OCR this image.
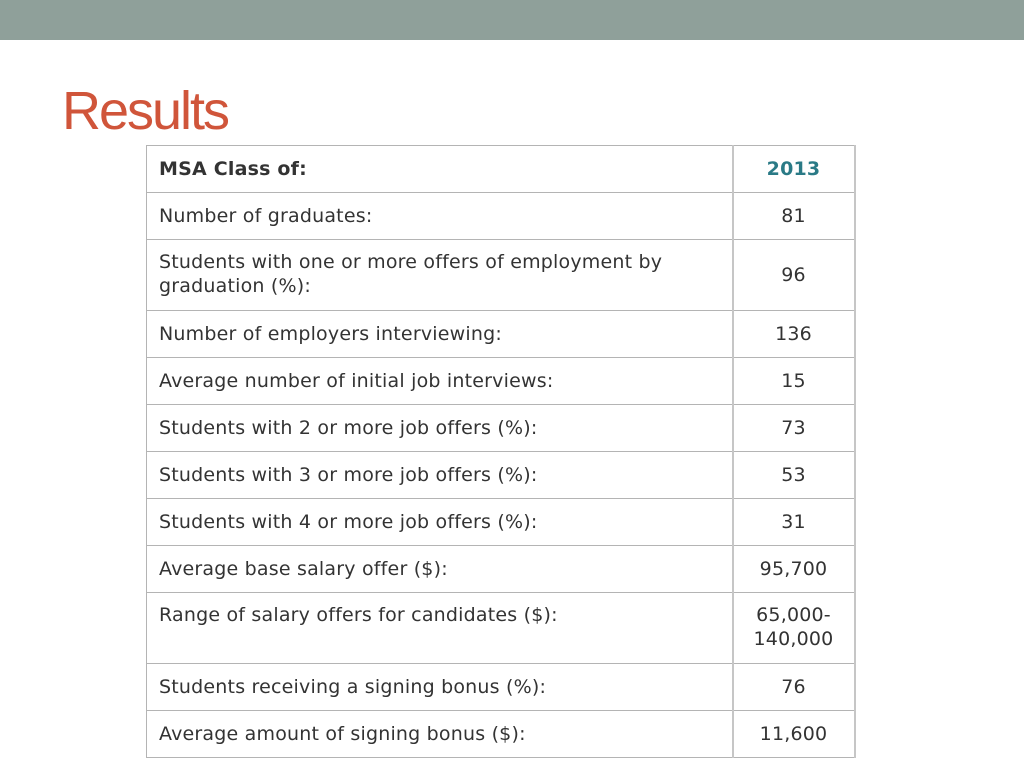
Results
MSA Class of:	2013
Number of graduates:	81
Students with one or more offers of employment by graduation (%):	96
Number of employers interviewing:	136
Average number of initial job interviews:	15
Students with 2 or more job offers (%):	73
Students with 3 or more job offers (%):	53
Students with 4 or more job offers (%):	31
Average base salary offer ($):	95,700
Range of salary offers for candidates ($):	65,000-140,000
Students receiving a signing bonus (%):	76
Average amount of signing bonus ($):	11,600
